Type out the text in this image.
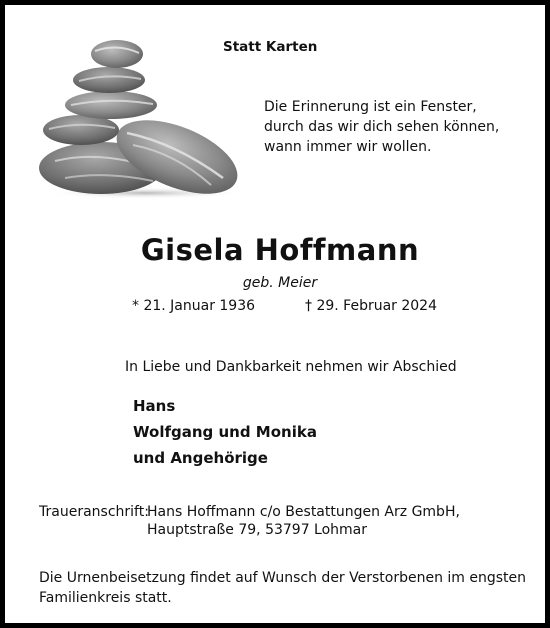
Statt Karten
Die Erinnerung ist ein Fenster,
durch das wir dich sehen können,
wann immer wir wollen.
Gisela Hoffmann
geb. Meier
* 21. Januar 1936	† 29. Februar 2024
In Liebe und Dankbarkeit nehmen wir Abschied
Hans
Wolfgang und Monika
und Angehörige
Traueranschrift:
Hans Hoffmann c/o Bestattungen Arz GmbH,
Hauptstraße 79, 53797 Lohmar
Die Urnenbeisetzung findet auf Wunsch der Verstorbenen im engsten
Familienkreis statt.
